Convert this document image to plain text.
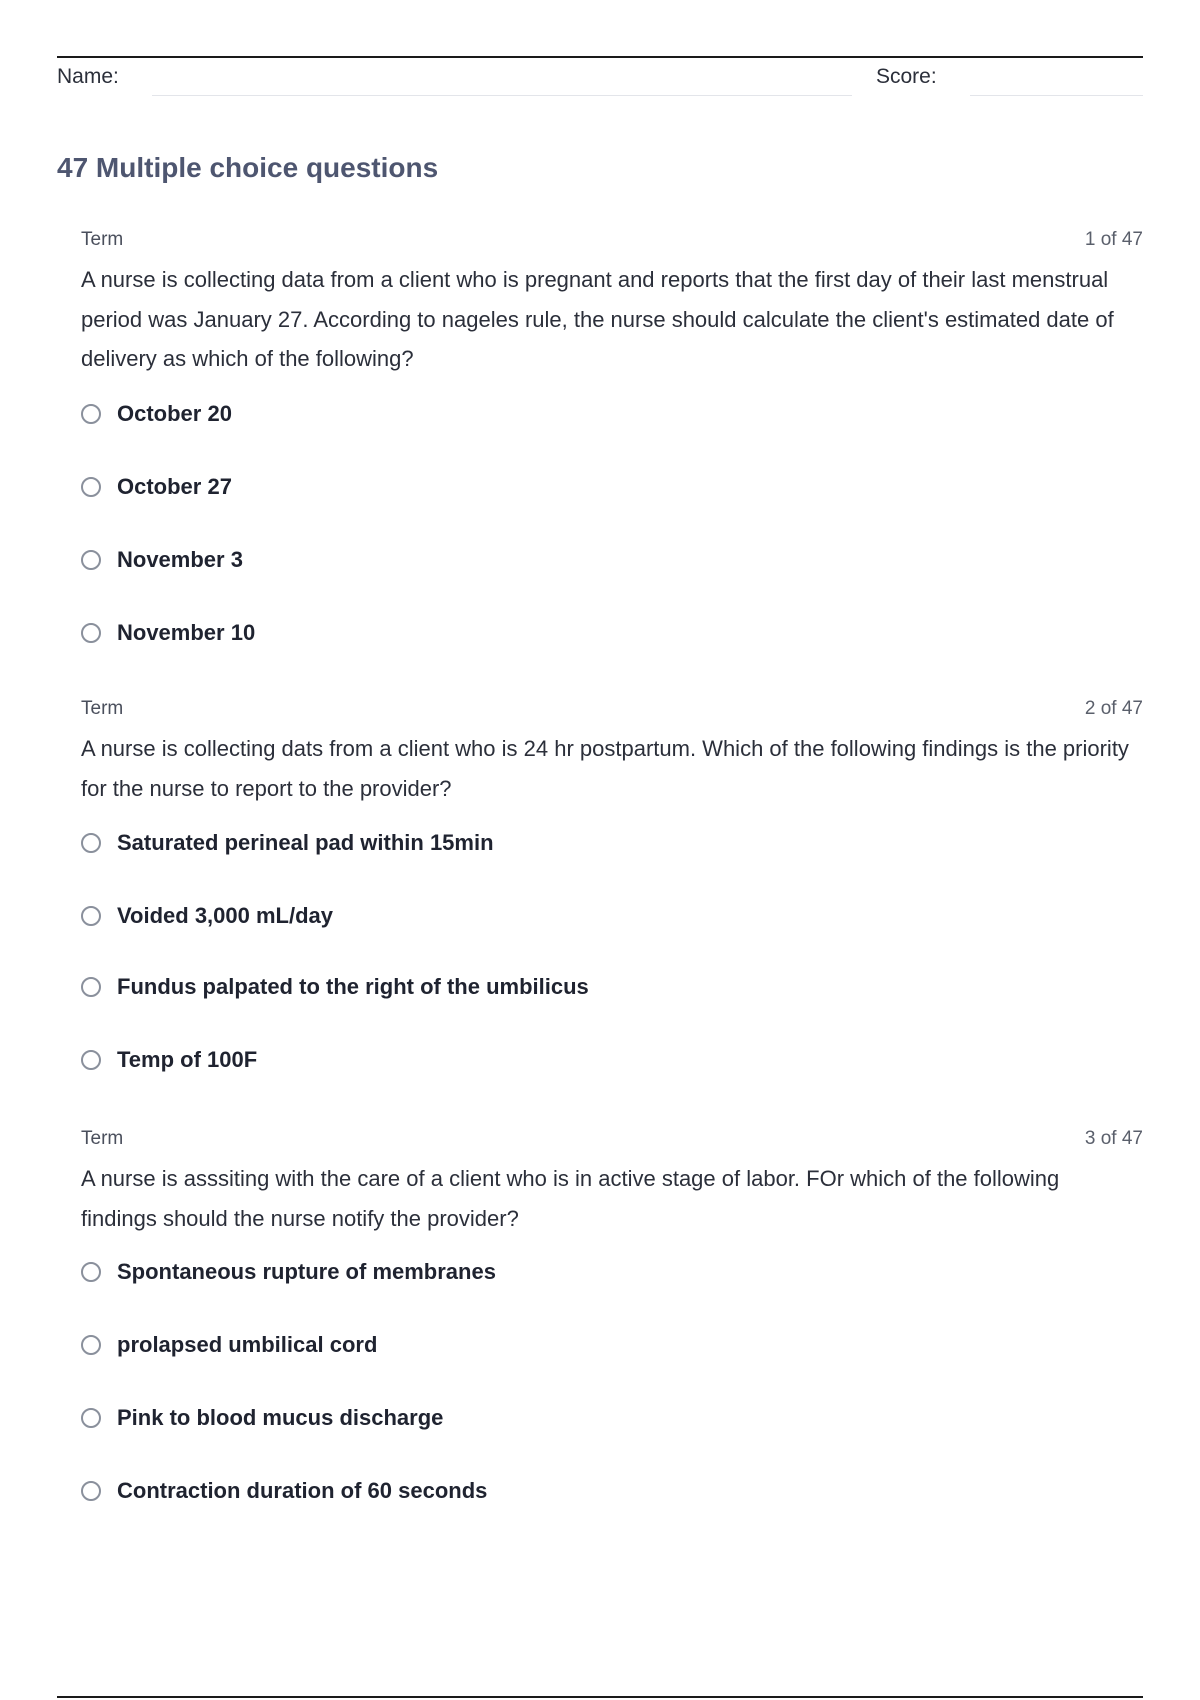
Name:	Score:
47 Multiple choice questions
Term	1 of 47
A nurse is collecting data from a client who is pregnant and reports that the first day of their last menstrual period was January 27. According to nageles rule, the nurse should calculate the client's estimated date of delivery as which of the following?
October 20
October 27
November 3
November 10
Term	2 of 47
A nurse is collecting dats from a client who is 24 hr postpartum. Which of the following findings is the priority for the nurse to report to the provider?
Saturated perineal pad within 15min
Voided 3,000 mL/day
Fundus palpated to the right of the umbilicus
Temp of 100F
Term	3 of 47
A nurse is asssiting with the care of a client who is in active stage of labor. FOr which of the following findings should the nurse notify the provider?
Spontaneous rupture of membranes
prolapsed umbilical cord
Pink to blood mucus discharge
Contraction duration of 60 seconds
